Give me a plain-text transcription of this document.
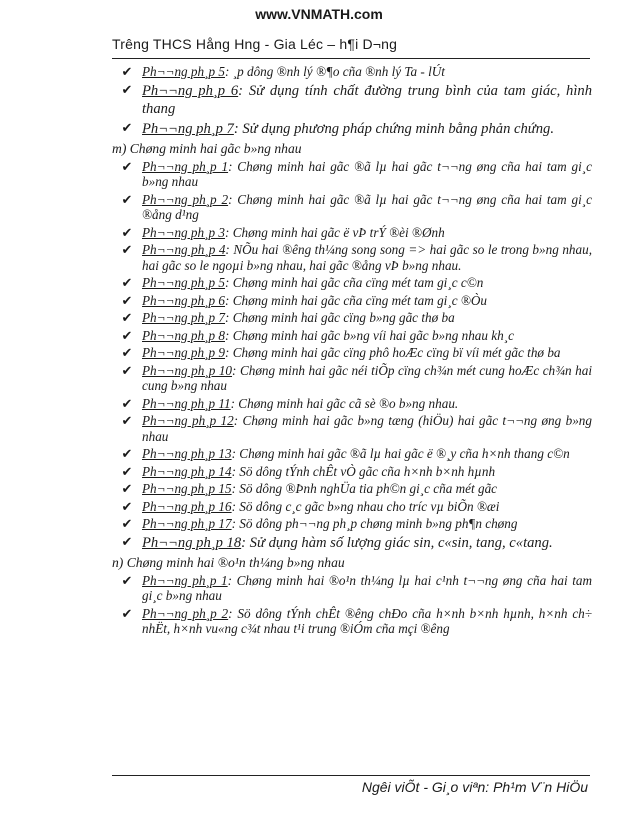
www.VNMATH.com
Trêng THCS Hång Hng - Gia Léc – h¶i D¬ng
✔ Ph¬¬ng ph¸p 5: ¸p dông ®nh lý ®¶o cña ®nh lý Ta - lÚt
✔ Ph¬¬ng ph¸p 6: Sử dụng tính chất đường trung bình của tam giác, hình thang
✔ Ph¬¬ng ph¸p 7: Sử dụng phương pháp chứng minh bằng phản chứng.
m) Chøng minh hai gãc b»ng nhau
✔ Ph¬¬ng ph¸p 1: Chøng minh hai gãc ®ã lµ hai gãc t¬¬ng øng cña hai tam gi¸c b»ng nhau
✔ Ph¬¬ng ph¸p 2: Chøng minh hai gãc ®ã lµ hai gãc t¬¬ng øng cña hai tam gi¸c ®ång d¹ng
✔ Ph¬¬ng ph¸p 3: Chøng minh hai gãc ë vÞ trÝ ®èi ®Ønh
✔ Ph¬¬ng ph¸p 4: NÕu hai ®êng th¼ng song song => hai gãc so le trong b»ng nhau, hai gãc so le ngoµi b»ng nhau, hai gãc ®ång vÞ b»ng nhau.
✔ Ph¬¬ng ph¸p 5: Chøng minh hai gãc cña cïng mét tam gi¸c c©n
✔ Ph¬¬ng ph¸p 6: Chøng minh hai gãc cña cïng mét tam gi¸c ®Òu
✔ Ph¬¬ng ph¸p 7: Chøng minh hai gãc cïng b»ng gãc thø ba
✔ Ph¬¬ng ph¸p 8: Chøng minh hai gãc b»ng víi hai gãc b»ng nhau kh¸c
✔ Ph¬¬ng ph¸p 9: Chøng minh hai gãc cïng phô hoÆc cïng bï víi mét gãc thø ba
✔ Ph¬¬ng ph¸p 10: Chøng minh hai gãc néi tiÕp cïng ch¾n mét cung hoÆc ch¾n hai cung b»ng nhau
✔ Ph¬¬ng ph¸p 11: Chøng minh hai gãc cã sè ®o b»ng nhau.
✔ Ph¬¬ng ph¸p 12: Chøng minh hai gãc b»ng tæng (hiÖu) hai gãc t¬¬ng øng b»ng nhau
✔ Ph¬¬ng ph¸p 13: Chøng minh hai gãc ®ã lµ hai gãc ë ®¸y cña h×nh thang c©n
✔ Ph¬¬ng ph¸p 14: Sö dông tÝnh chÊt vÒ gãc cña h×nh b×nh hµnh
✔ Ph¬¬ng ph¸p 15: Sö dông ®Þnh nghÜa tia ph©n gi¸c cña mét gãc
✔ Ph¬¬ng ph¸p 16: Sö dông c¸c gãc b»ng nhau cho tríc vµ biÕn ®æi
✔ Ph¬¬ng ph¸p 17: Sö dông ph¬¬ng ph¸p chøng minh b»ng ph¶n chøng
✔ Ph¬¬ng ph¸p 18: Sử dụng hàm số lượng giác sin, c«sin, tang, c«tang.
n) Chøng minh hai ®o¹n th¼ng b»ng nhau
✔ Ph¬¬ng ph¸p 1: Chøng minh hai ®o¹n th¼ng lµ hai c¹nh t¬¬ng øng cña hai tam gi¸c b»ng nhau
✔ Ph¬¬ng ph¸p 2: Sö dông tÝnh chÊt ®êng chÐo cña h×nh b×nh hµnh, h×nh ch÷ nhËt, h×nh vu«ng c¾t nhau t¹i trung ®iÓm cña mçi ®êng
Ngêi viÕt - Gi¸o viªn: Ph¹m V¨n HiÖu
